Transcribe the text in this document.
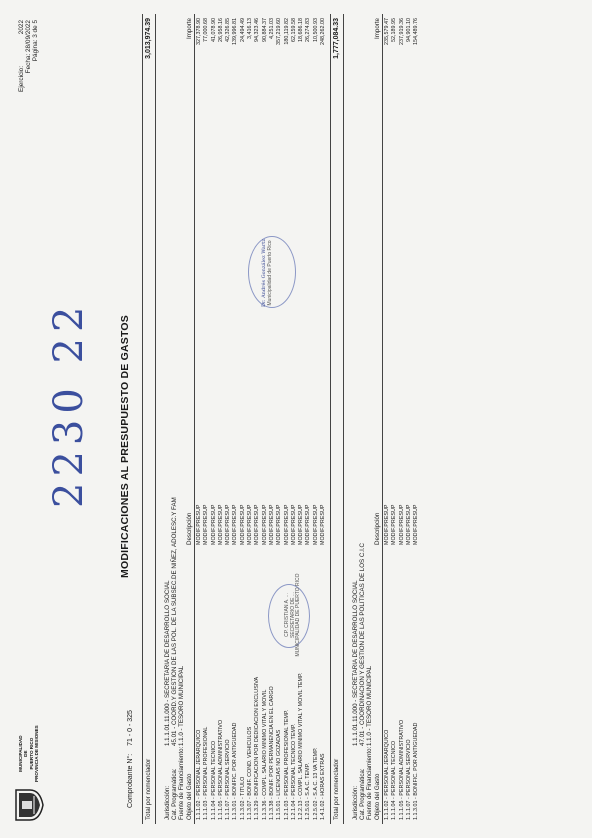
MUNICIPALIDAD DE PUERTO RICO PROVINCIA DE MISIONES
MODIFICACIONES AL PRESUPUESTO DE GASTOS
Ejercicio: 2022
Fecha: 28/09/2022 Página: 3 de 5
2230 22
Comprobante N°: 71 - 0 - 325
Total por nomenclador
3,013,974.39
Jurisdicción:1.1.1.01.11.000 - SECRETARIA DE DESARROLLO SOCIAL
Cat. Programática:45.01 - COORD.Y GESTION DE LAS POL. DE LA SUBSEC.DE NIÑEZ, ADOLESC.Y FAM
Fuente de Financiamiento:1.1.0 - TESORO MUNICIPAL
Objeto del Gasto
Descripción
Importe
1.1.1.02 - PERSONAL JERARQUICO
MODIF.PRESUP
327,378.90
1.1.1.03 - PERSONAL PROFESIONAL
MODIF.PRESUP
77,000.68
1.1.1.04 - PERSONAL TECNICO
MODIF.PRESUP
41,078.90
1.1.1.05 - PERSONAL ADMINISTRATIVO
MODIF.PRESUP
26,958.16
1.1.1.07 - PERSONAL SERVICIO
MODIF.PRESUP
42,326.85
1.1.3.01 - BONIFIC. POR ANTIGUEDAD
MODIF.PRESUP
139,996.81
1.1.3.02 - TITULO
MODIF.PRESUP
24,494.49
1.1.3.07 - BONIF. COND. VEHICULOS
MODIF.PRESUP
3,416.13
1.1.3.29 - BONIFICACION POR DEDICACION EXCLUSIVA
MODIF.PRESUP
94,323.46
1.1.3.36 - COMPL. SALARIO MINIMO VITAL Y MOVIL
MODIF.PRESUP
90,884.37
1.1.3.38 - BONIF. POR PERMANENCIA EN EL CARGO
MODIF.PRESUP
4,251.03
1.1.5.01 - LICENCIAS NO GOZADAS
MODIF.PRESUP
357,219.60
1.2.1.03 - PERSONAL PROFESIONAL TEMP.
MODIF.PRESUP
180,119.82
1.2.1.04 - PERSONAL TECNICO TEMP.
MODIF.PRESUP
62,159.58
1.2.2.13 - COMPL. SALARIO MINIMO VITAL Y MOVIL TEMP.
MODIF.PRESUP
18,686.18
1.2.5.01 - S.A.C. TEMP.
MODIF.PRESUP
26,274.83
1.2.5.02 - S.A.C. 13 VA TEMP.
MODIF.PRESUP
10,500.93
1.4.1.02 - HORAS EXTRAS
MODIF.PRESUP
248,262.00
Total por nomenclador
1,777,084.33
Jurisdicción:1.1.1.01.11.000 - SECRETARIA DE DESARROLLO SOCIAL
Cat. Programática:47.01 - COORDINACION Y GESTION DE LAS POLITICAS DE LOS C.I.C
Fuente de Financiamiento:1.1.0 - TESORO MUNICIPAL
Objeto del Gasto
Descripción
Importe
1.1.1.02 - PERSONAL JERARQUICO
MODIF.PRESUP
235,579.47
1.1.1.04 - PERSONAL TECNICO
MODIF.PRESUP
52,189.95
1.1.1.05 - PERSONAL ADMINISTRATIVO
MODIF.PRESUP
237,919.36
1.1.1.07 - PERSONAL SERVICIO
MODIF.PRESUP
94,901.10
1.1.3.01 - BONIFIC. POR ANTIGUEDAD
MODIF.PRESUP
154,489.76
CP. CRISTIAN A. ... SECRETARIO DE ... MUNICIPALIDAD DE PUERTO RICO
Dr. Andrés González Wartz Municipalidad de Puerto Rico
